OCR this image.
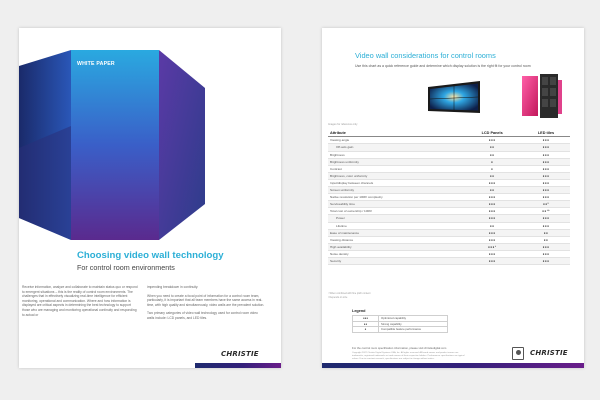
WHITE PAPER
Choosing video wall technology
For control room environments

Receive information, analyze and collaborate to maintain status quo or respond to emergent situations – this is the reality of control room environments. The challenges that in effectively visualizing real-time intelligence for efficient monitoring, operational and communication. Where and how information is displayed are critical aspects in determining the best technology to support those who are managing and monitoring operational continuity and responding to actual or

impending breakdown in continuity.

When you need to create a focal point of information for a control room team, particularly, it is important that all team members have the same access in real-time, with high quality and simultaneously, video walls are the prevalent solution.

Two primary categories of video wall technology used for control room video walls include: LCD panels, and LED tiles.

CHRISTIE
Video wall considerations for control rooms
Use this chart as a quick reference guide and determine which display solution is the right fit for your control room
Images for reference only
Attribute	LCD Panels	LED tiles
Viewing angle	●●●	●●●
Off-axis gain	●●	●●●
Brightness	●●	●●●
Brightness uniformity	●	●●●
Contrast	●	●●●
Brightness, color uniformity	●●	●●●
Input/display between channels	●●●	●●●
Screen uniformity	●●	●●●
Native resolution per 100ft² complexity	●●●	●●●
Serviceability time	●●●	●●²
Total cost of ownership / 100ft²	●●●	●●¹⁰
Power	●●●	●●●
Lifetime	●●	●●●
Ease of maintenance	●●●	●●
Viewing distance	●●●	●●
High availability	●●●¹	●●●
Noise density	●●●	●●●
Security	●●●	●●●
¹ When combined with fine pitch content
² Depends on size
Legend
●●●	Optimized capability
●●	Strong capability
●	Compatible feature performance
For the control room specification information, please visit christiedigital.com
Copyright 2022 Christie Digital Systems USA, Inc. All rights reserved. All brand names and product names are trademarks, registered trademarks or trade names of their respective holders. Performance specifications are typical values. Due to constant research, specifications are subject to change without notice.
CHRISTIE
